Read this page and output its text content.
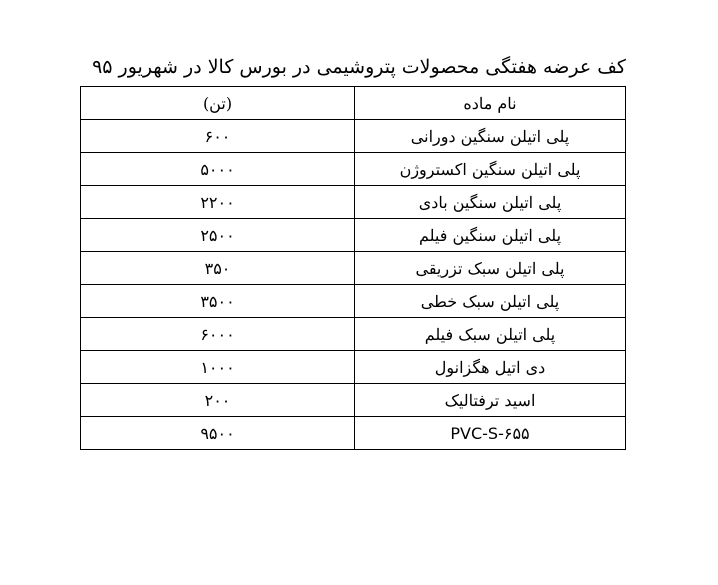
کف عرضه هفتگی محصولات پتروشیمی در بورس کالا در شهریور ۹۵
نام ماده	(تن)
پلی اتیلن سنگین دورانی	۶۰۰
پلی اتیلن سنگین اکستروژن	۵۰۰۰
پلی اتیلن سنگین بادی	۲۲۰۰
پلی اتیلن سنگین فیلم	۲۵۰۰
پلی اتیلن سبک تزریقی	۳۵۰
پلی اتیلن سبک خطی	۳۵۰۰
پلی اتیلن سبک فیلم	۶۰۰۰
دی اتیل هگزانول	۱۰۰۰
اسید ترفتالیک	۲۰۰
PVC-S-۶۵۵	۹۵۰۰
